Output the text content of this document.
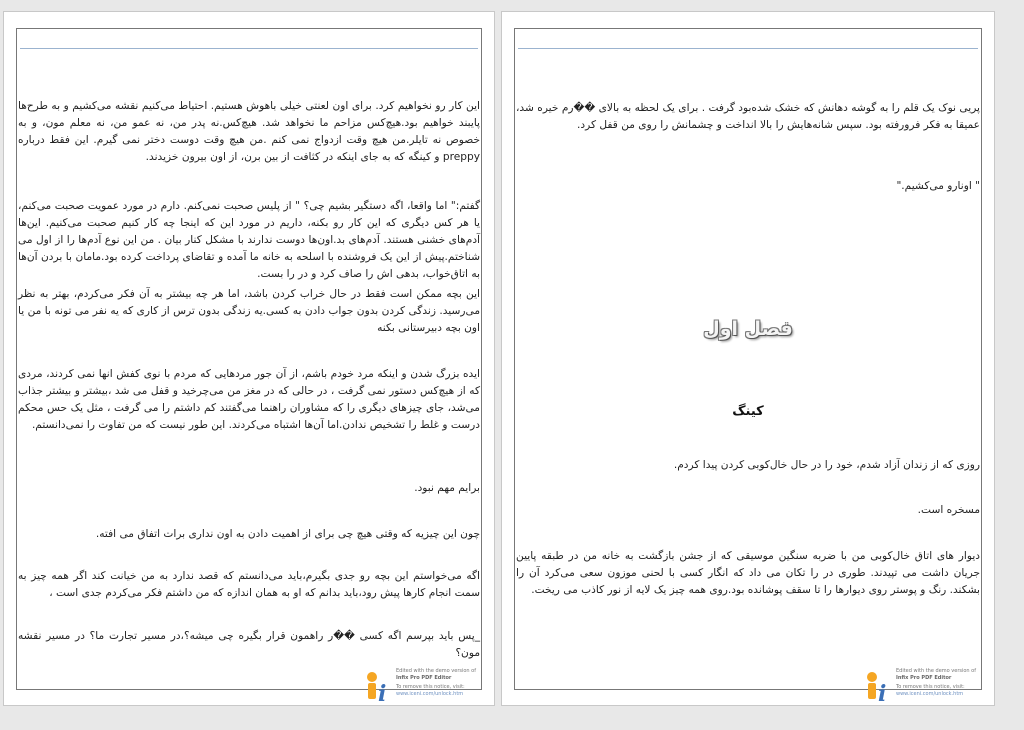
این کار رو نخواهیم کرد. برای اون لعنتی خیلی باهوش هستیم. احتیاط می‌کنیم نقشه می‌کشیم و به طرح‌ها پایبند خواهیم بود.هیچ‌کس مزاحم ما نخواهد شد. هیچ‌کس.نه پدر من، نه عمو من، نه معلم مون، و به خصوص نه تایلر.من هیچ وقت ازدواج نمی کنم .من هیچ وقت دوست دختر نمی گیرم. این فقط درباره preppy و کینگه که به جای اینکه در کثافت از بین برن، از اون بیرون خزیدند.
گفتم:" اما واقعا، اگه دستگیر بشیم چی؟ " از پلیس صحبت نمی‌کنم. دارم در مورد عمویت صحبت می‌کنم، یا هر کس دیگری که این کار رو بکنه، داریم در مورد این که اینجا چه کار کنیم صحبت می‌کنیم. این‌ها آدم‌های خشنی هستند. آدم‌های بد.اون‌ها دوست ندارند با مشکل کنار بیان . من این نوع آدم‌ها را از اول می شناختم.پیش از این یک فروشنده با اسلحه به خانه ما آمده و تقاضای پرداخت کرده بود.مامان با بردن آن‌ها به اتاق‌خواب، بدهی اش را صاف کرد و در را بست.
این بچه ممکن است فقط در حال خراب کردن باشد، اما هر چه بیشتر به آن فکر می‌کردم، بهتر به نظر می‌رسید. زندگی کردن بدون جواب دادن به کسی.یه زندگی بدون ترس از کاری که یه نفر می تونه با من یا اون بچه دبیرستانی بکنه
ایده بزرگ شدن و اینکه مرد خودم باشم، از آن جور مردهایی که مردم با نوی کفش انها نمی کردند، مردی که از هیچ‌کس دستور نمی گرفت ، در حالی که در مغز من می‌چرخید و قفل می شد ،بیشتر و بیشتر جذاب می‌شد، جای چیزهای دیگری را که مشاوران راهنما می‌گفتند کم داشتم را می گرفت ، مثل یک حس محکم درست و غلط را تشخیص ندادن.اما آن‌ها اشتباه می‌کردند. این طور نیست که من تفاوت را نمی‌دانستم.
برایم مهم نبود.
چون این چیزیه که وقتی هیچ چی برای از اهمیت دادن به اون نداری برات اتفاق می افته.
اگه می‌خواستم این بچه رو جدی بگیرم،باید می‌دانستم که قصد ندارد به من خیانت کند اگر همه چیز به سمت انجام کارها پیش رود،باید بدانم که او به همان اندازه که من داشتم فکر می‌کردم جدی است ،
_پس باید بپرسم اگه کسی ��ر راهمون قرار بگیره چی میشه؟،در مسیر تجارت ما؟ در مسیر نقشه مون؟
i
Edited with the demo version of
Infix Pro PDF Editor
To remove this notice, visit:
www.iceni.com/unlock.htm
پریی نوک یک قلم را به گوشه دهانش که خشک شده‌بود گرفت . برای یک لحظه به بالای ��رم خیره شد، عمیقا به فکر فرورفته بود. سپس شانه‌هایش را بالا انداخت و چشمانش را روی من قفل کرد.
" اونارو می‌کشیم."
فصل اول
کینگ
روزی که از زندان آزاد شدم، خود را در حال خال‌کوبی کردن پیدا کردم.
مسخره است.
دیوار های اتاق خال‌کوبی من با ضربه سنگین موسیقی که از جشن بازگشت به خانه من در طبقه پایین جریان داشت می تپیدند. طوری در را تکان می داد که انگار کسی با لحنی موزون سعی می‌کرد آن را بشکند. رنگ و پوستر روی دیوارها را تا سقف پوشانده بود.روی همه چیز یک لایه از نور کاذب می ریخت.
i
Edited with the demo version of
Infix Pro PDF Editor
To remove this notice, visit:
www.iceni.com/unlock.htm
